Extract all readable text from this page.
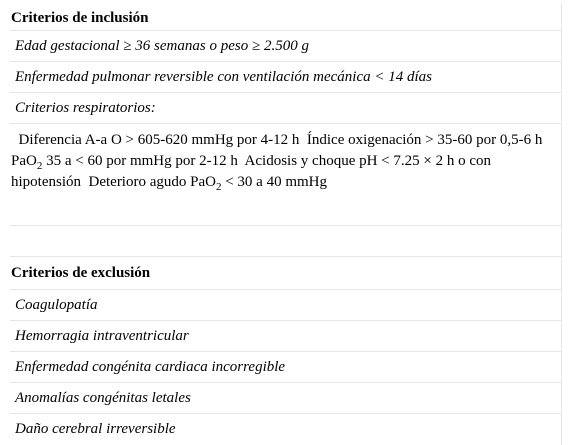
Criterios de inclusión
Edad gestacional ≥ 36 semanas o peso ≥ 2.500 g
Enfermedad pulmonar reversible con ventilación mecánica < 14 días
Criterios respiratorios:
Diferencia A-a O > 605-620 mmHg por 4-12 h  Índice oxigenación > 35-60 por 0,5-6 h  PaO$_2$ 35 a < 60 por mmHg por 2-12 h  Acidosis y choque pH < 7.25 × 2 h o con hipotensión  Deterioro agudo PaO$_2$ < 30 a 40 mmHg
Criterios de exclusión
Coagulopatía
Hemorragia intraventricular
Enfermedad congénita cardiaca incorregible
Anomalías congénitas letales
Daño cerebral irreversible
